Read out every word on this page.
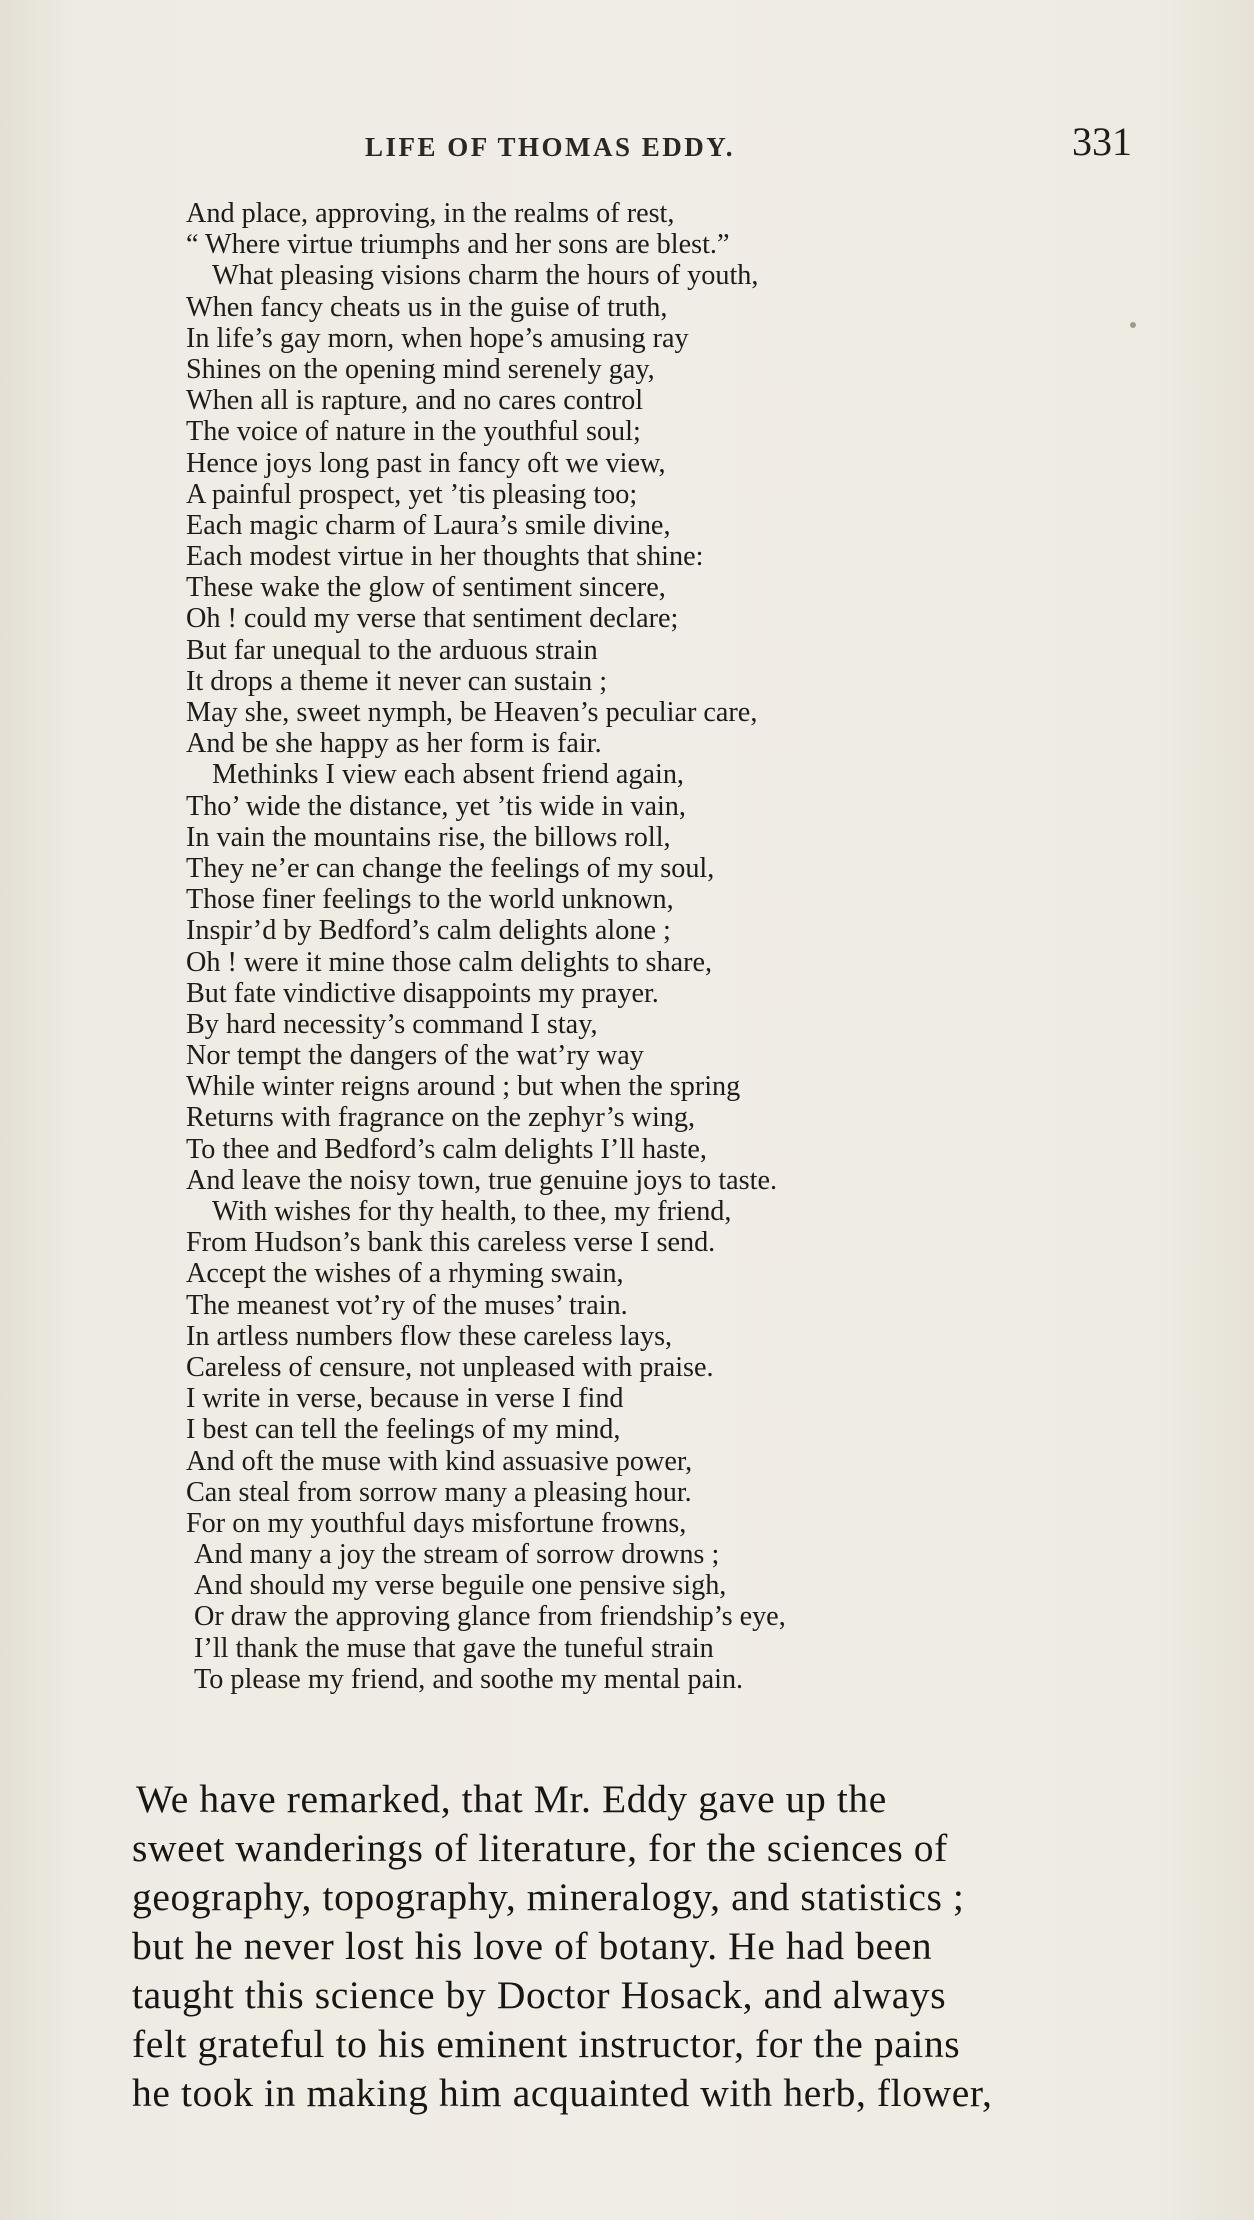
LIFE OF THOMAS EDDY.	331
And place, approving, in the realms of rest,
“ Where virtue triumphs and her sons are blest.”
What pleasing visions charm the hours of youth,
When fancy cheats us in the guise of truth,
In life’s gay morn, when hope’s amusing ray
Shines on the opening mind serenely gay,
When all is rapture, and no cares control
The voice of nature in the youthful soul;
Hence joys long past in fancy oft we view,
A painful prospect, yet ’tis pleasing too;
Each magic charm of Laura’s smile divine,
Each modest virtue in her thoughts that shine:
These wake the glow of sentiment sincere,
Oh ! could my verse that sentiment declare;
But far unequal to the arduous strain
It drops a theme it never can sustain ;
May she, sweet nymph, be Heaven’s peculiar care,
And be she happy as her form is fair.
Methinks I view each absent friend again,
Tho’ wide the distance, yet ’tis wide in vain,
In vain the mountains rise, the billows roll,
They ne’er can change the feelings of my soul,
Those finer feelings to the world unknown,
Inspir’d by Bedford’s calm delights alone ;
Oh ! were it mine those calm delights to share,
But fate vindictive disappoints my prayer.
By hard necessity’s command I stay,
Nor tempt the dangers of the wat’ry way
While winter reigns around ; but when the spring
Returns with fragrance on the zephyr’s wing,
To thee and Bedford’s calm delights I’ll haste,
And leave the noisy town, true genuine joys to taste.
With wishes for thy health, to thee, my friend,
From Hudson’s bank this careless verse I send.
Accept the wishes of a rhyming swain,
The meanest vot’ry of the muses’ train.
In artless numbers flow these careless lays,
Careless of censure, not unpleased with praise.
I write in verse, because in verse I find
I best can tell the feelings of my mind,
And oft the muse with kind assuasive power,
Can steal from sorrow many a pleasing hour.
For on my youthful days misfortune frowns,
And many a joy the stream of sorrow drowns ;
And should my verse beguile one pensive sigh,
Or draw the approving glance from friendship’s eye,
I’ll thank the muse that gave the tuneful strain
To please my friend, and soothe my mental pain.
We have remarked, that Mr. Eddy gave up the
sweet wanderings of literature, for the sciences of
geography, topography, mineralogy, and statistics ;
but he never lost his love of botany. He had been
taught this science by Doctor Hosack, and always
felt grateful to his eminent instructor, for the pains
he took in making him acquainted with herb, flower,
